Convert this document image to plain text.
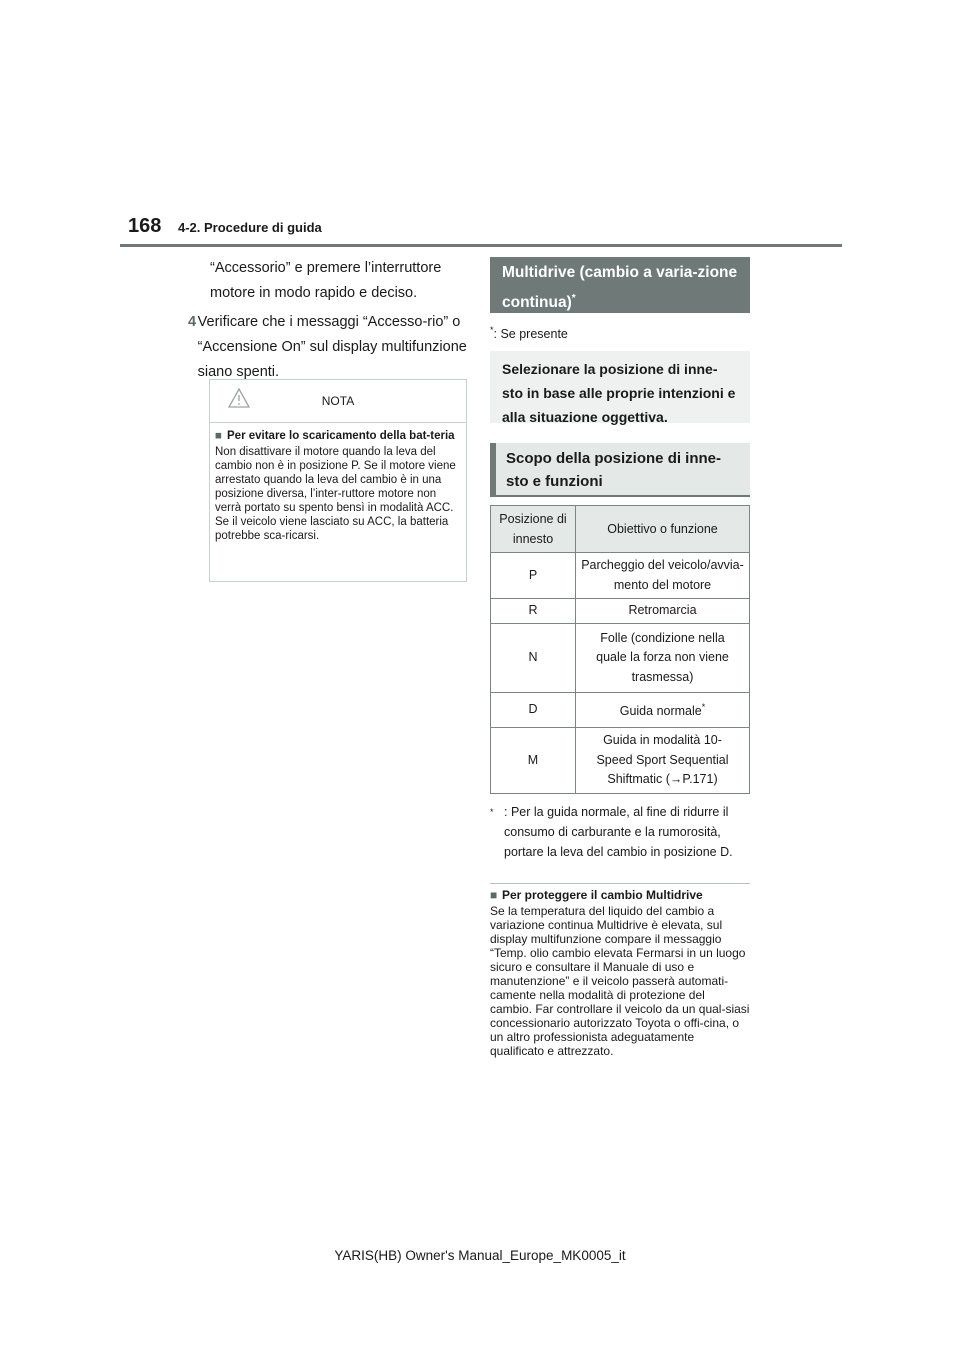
168 4-2. Procedure di guida
“Accessorio” e premere l’interruttore motore in modo rapido e deciso.
4 Verificare che i messaggi “Accesso-rio” o “Accensione On” sul display multifunzione siano spenti.
NOTA
■ Per evitare lo scaricamento della bat-teria
Non disattivare il motore quando la leva del cambio non è in posizione P. Se il motore viene arrestato quando la leva del cambio è in una posizione diversa, l’inter-ruttore motore non verrà portato su spento bensì in modalità ACC. Se il veicolo viene lasciato su ACC, la batteria potrebbe sca-ricarsi.
Multidrive (cambio a varia-zione continua)*
*: Se presente
Selezionare la posizione di inne-sto in base alle proprie intenzioni e alla situazione oggettiva.
Scopo della posizione di inne-sto e funzioni
Posizione di innesto	Obiettivo o funzione
P	Parcheggio del veicolo/avvia-mento del motore
R	Retromarcia
N	Folle (condizione nella quale la forza non viene trasmessa)
D	Guida normale*
M	Guida in modalità 10-Speed Sport Sequential Shiftmatic (→P.171)
* : Per la guida normale, al fine di ridurre il consumo di carburante e la rumorosità, portare la leva del cambio in posizione D.
■ Per proteggere il cambio Multidrive
Se la temperatura del liquido del cambio a variazione continua Multidrive è elevata, sul display multifunzione compare il messaggio “Temp. olio cambio elevata Fermarsi in un luogo sicuro e consultare il Manuale di uso e manutenzione” e il veicolo passerà automati-camente nella modalità di protezione del cambio. Far controllare il veicolo da un qual-siasi concessionario autorizzato Toyota o offi-cina, o un altro professionista adeguatamente qualificato e attrezzato.
YARIS(HB) Owner's Manual_Europe_MK0005_it
